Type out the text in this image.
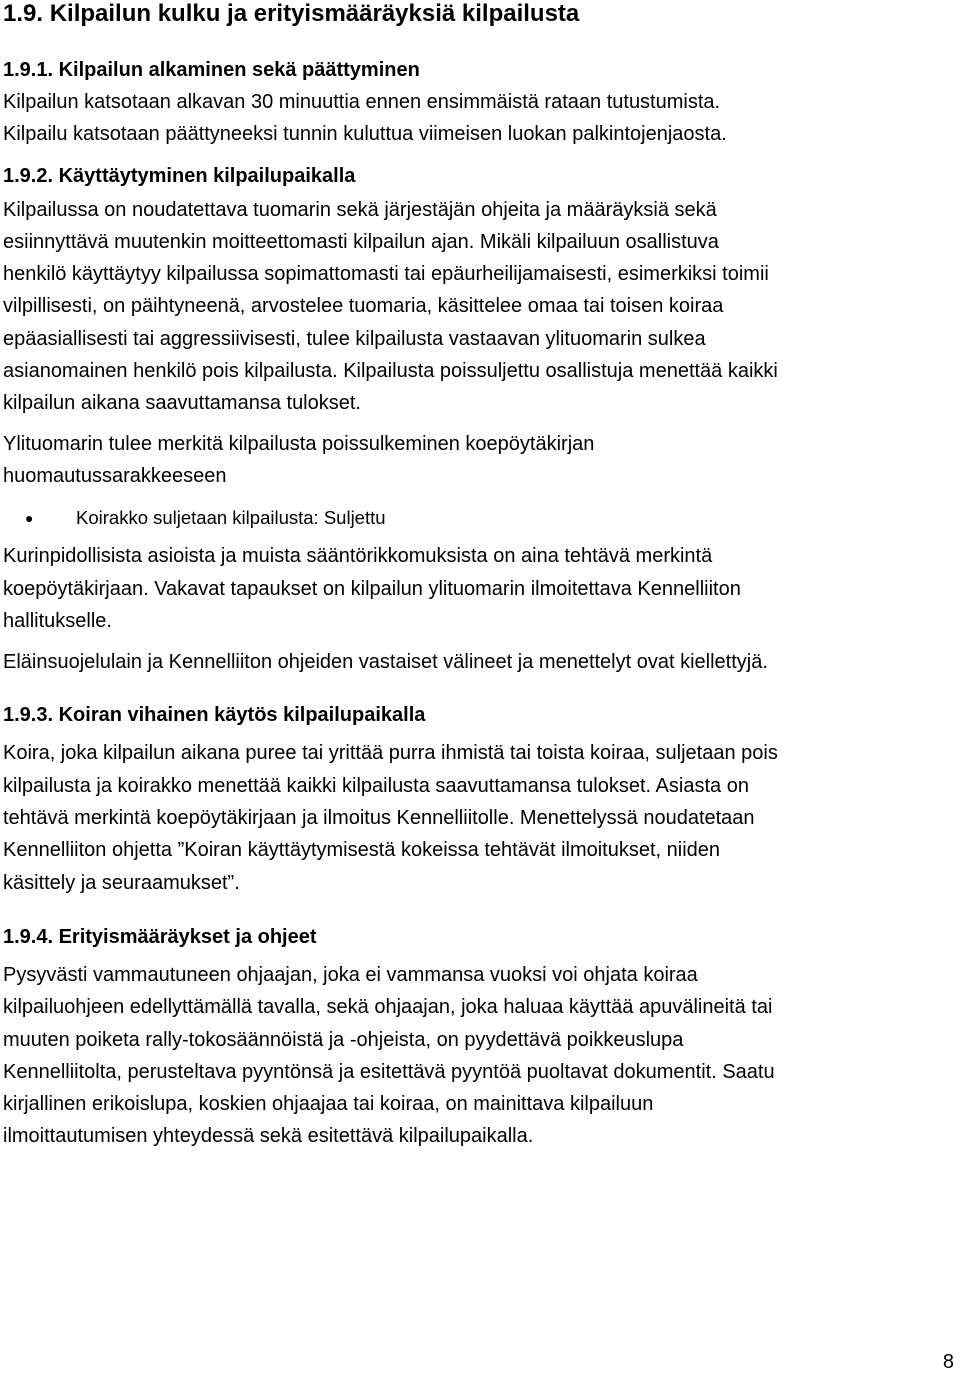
1.9. Kilpailun kulku ja erityismääräyksiä kilpailusta
1.9.1. Kilpailun alkaminen sekä päättyminen

Kilpailun katsotaan alkavan 30 minuuttia ennen ensimmäistä rataan tutustumista.
Kilpailu katsotaan päättyneeksi tunnin kuluttua viimeisen luokan palkintojenjaosta.

1.9.2. Käyttäytyminen kilpailupaikalla

Kilpailussa on noudatettava tuomarin sekä järjestäjän ohjeita ja määräyksiä sekä
esiinnyttävä muutenkin moitteettomasti kilpailun ajan. Mikäli kilpailuun osallistuva
henkilö käyttäytyy kilpailussa sopimattomasti tai epäurheilijamaisesti, esimerkiksi toimii
vilpillisesti, on päihtyneenä, arvostelee tuomaria, käsittelee omaa tai toisen koiraa
epäasiallisesti tai aggressiivisesti, tulee kilpailusta vastaavan ylituomarin sulkea
asianomainen henkilö pois kilpailusta. Kilpailusta poissuljettu osallistuja menettää kaikki
kilpailun aikana saavuttamansa tulokset.

Ylituomarin tulee merkitä kilpailusta poissulkeminen koepöytäkirjan
huomautussarakkeeseen

● Koirakko suljetaan kilpailusta: Suljettu

Kurinpidollisista asioista ja muista sääntörikkomuksista on aina tehtävä merkintä
koepöytäkirjaan. Vakavat tapaukset on kilpailun ylituomarin ilmoitettava Kennelliiton
hallitukselle.

Eläinsuojelulain ja Kennelliiton ohjeiden vastaiset välineet ja menettelyt ovat kiellettyjä.

1.9.3. Koiran vihainen käytös kilpailupaikalla

Koira, joka kilpailun aikana puree tai yrittää purra ihmistä tai toista koiraa, suljetaan pois
kilpailusta ja koirakko menettää kaikki kilpailusta saavuttamansa tulokset. Asiasta on
tehtävä merkintä koepöytäkirjaan ja ilmoitus Kennelliitolle. Menettelyssä noudatetaan
Kennelliiton ohjetta ”Koiran käyttäytymisestä kokeissa tehtävät ilmoitukset, niiden
käsittely ja seuraamukset”.

1.9.4. Erityismääräykset ja ohjeet

Pysyvästi vammautuneen ohjaajan, joka ei vammansa vuoksi voi ohjata koiraa
kilpailuohjeen edellyttämällä tavalla, sekä ohjaajan, joka haluaa käyttää apuvälineitä tai
muuten poiketa rally-tokosäännöistä ja -ohjeista, on pyydettävä poikkeuslupa
Kennelliitolta, perusteltava pyyntönsä ja esitettävä pyyntöä puoltavat dokumentit. Saatu
kirjallinen erikoislupa, koskien ohjaajaa tai koiraa, on mainittava kilpailuun
ilmoittautumisen yhteydessä sekä esitettävä kilpailupaikalla.

8
